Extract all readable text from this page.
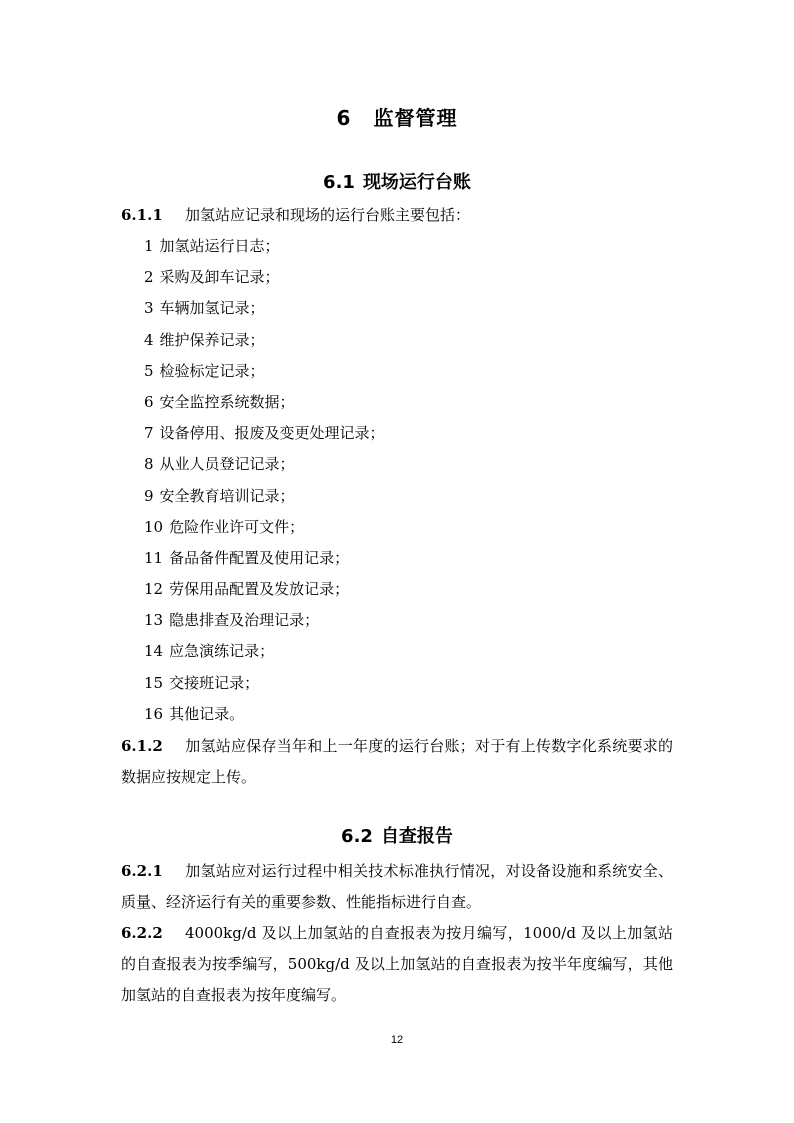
6 监督管理
6.1 现场运行台账
6.1.1 加氢站应记录和现场的运行台账主要包括：
1 加氢站运行日志；
2 采购及卸车记录；
3 车辆加氢记录；
4 维护保养记录；
5 检验标定记录；
6 安全监控系统数据；
7 设备停用、报废及变更处理记录；
8 从业人员登记记录；
9 安全教育培训记录；
10 危险作业许可文件；
11 备品备件配置及使用记录；
12 劳保用品配置及发放记录；
13 隐患排查及治理记录；
14 应急演练记录；
15 交接班记录；
16 其他记录。
6.1.2 加氢站应保存当年和上一年度的运行台账；对于有上传数字化系统要求的数据应按规定上传。
6.2 自查报告
6.2.1 加氢站应对运行过程中相关技术标准执行情况，对设备设施和系统安全、质量、经济运行有关的重要参数、性能指标进行自查。
6.2.2 4000kg/d 及以上加氢站的自查报表为按月编写，1000/d 及以上加氢站的自查报表为按季编写，500kg/d 及以上加氢站的自查报表为按半年度编写，其他加氢站的自查报表为按年度编写。
12
